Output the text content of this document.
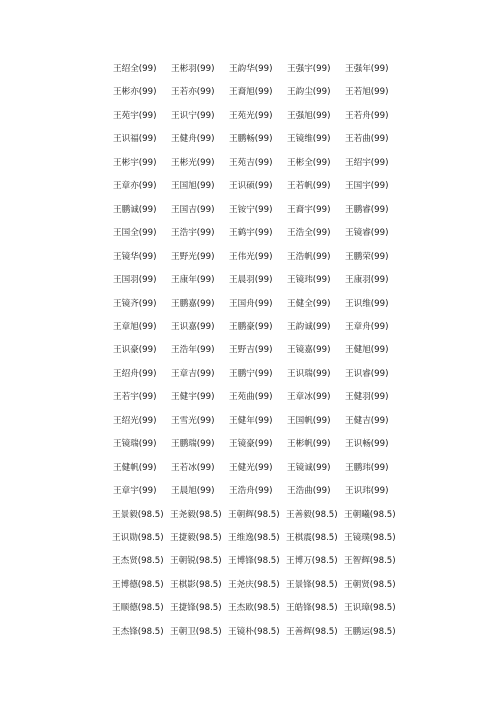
王绍全(99) 王彬羽(99) 王韵华(99) 王强宇(99) 王强年(99)
王彬亦(99) 王若亦(99) 王裔旭(99) 王韵尘(99) 王若旭(99)
王苑宇(99) 王识宁(99) 王苑光(99) 王强旭(99) 王若舟(99)
王识福(99) 王健舟(99) 王鹏畅(99) 王镜维(99) 王若曲(99)
王彬宇(99) 王彬光(99) 王苑吉(99) 王彬全(99) 王绍宇(99)
王章亦(99) 王国旭(99) 王识硕(99) 王若帆(99) 王国宇(99)
王鹏诚(99) 王国吉(99) 王铵宁(99) 王裔宇(99) 王鹏睿(99)
王国全(99) 王浩宇(99) 王鹤宇(99) 王浩全(99) 王镜睿(99)
王镜华(99) 王野光(99) 王伟光(99) 王浩帆(99) 王鹏荣(99)
王国羽(99) 王康年(99) 王晨羽(99) 王镜玮(99) 王康羽(99)
王镜齐(99) 王鹏嘉(99) 王国舟(99) 王健全(99) 王识维(99)
王章旭(99) 王识嘉(99) 王鹏豪(99) 王韵诚(99) 王章舟(99)
王识豪(99) 王浩年(99) 王野吉(99) 王镜嘉(99) 王健旭(99)
王绍舟(99) 王章吉(99) 王鹏宁(99) 王识瑞(99) 王识睿(99)
王若宇(99) 王健宇(99) 王苑曲(99) 王章冰(99) 王健羽(99)
王绍光(99) 王雪光(99) 王健年(99) 王国帆(99) 王健吉(99)
王镜瑞(99) 王鹏瑞(99) 王镜豪(99) 王彬帆(99) 王识畅(99)
王健帆(99) 王若冰(99) 王健光(99) 王镜诚(99) 王鹏玮(99)
王章宇(99) 王晨旭(99) 王浩舟(99) 王浩曲(99) 王识玮(99)
王景毅(98.5) 王尧毅(98.5) 王朝辉(98.5) 王善毅(98.5) 王朝曦(98.5)
王识勋(98.5) 王捷毅(98.5) 王维逸(98.5) 王棋震(98.5) 王镜璞(98.5)
王杰贤(98.5) 王朝锐(98.5) 王博锋(98.5) 王博万(98.5) 王智辉(98.5)
王博德(98.5) 王棋影(98.5) 王尧庆(98.5) 王景锋(98.5) 王朝贤(98.5)
王顺德(98.5) 王捷锋(98.5) 王杰欧(98.5) 王皓锋(98.5) 王识璋(98.5)
王杰锋(98.5) 王朝卫(98.5) 王镜朴(98.5) 王善辉(98.5) 王鹏运(98.5)
